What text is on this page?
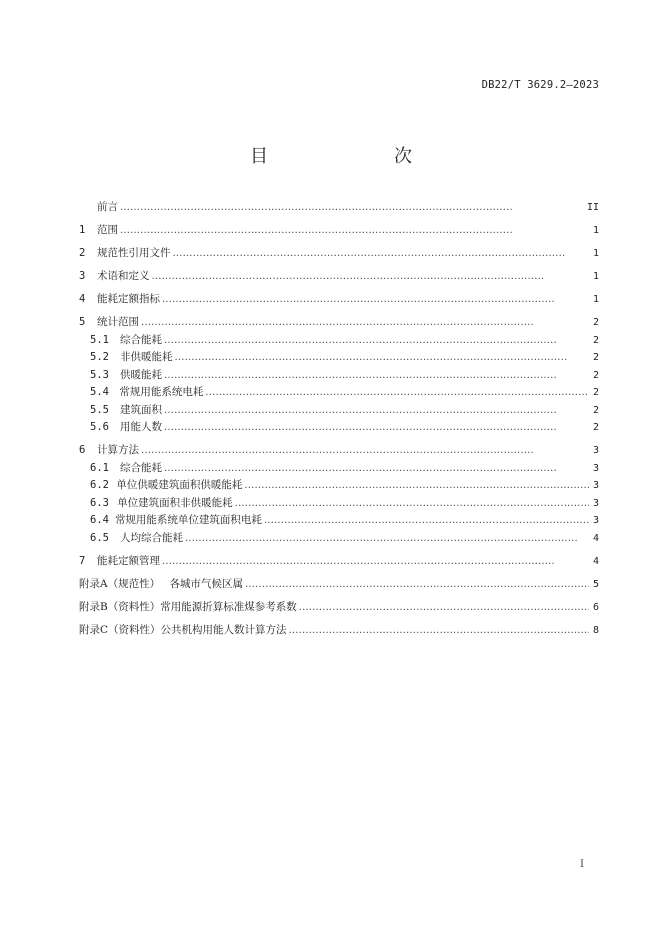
DB22/T 3629.2—2023
目　　次
前言 . . .	II
1	范围 . . .	1
2	规范性引用文件 . . .	1
3	术语和定义 . . .	1
4	能耗定额指标 . . .	1
5	统计范围 . . .	2
5.1	综合能耗 . . .	2
5.2	非供暖能耗 . . .	2
5.3	供暖能耗 . . .	2
5.4 常规用能系统电耗 . . .	2
5.5	建筑面积 . . .	2
5.6	用能人数 . . .	2
6	计算方法 . . .	3
6.1	综合能耗 . . .	3
6.2 单位供暖建筑面积供暖能耗 . . .	3
6.3 单位建筑面积非供暖能耗 . . .	3
6.4 常规用能系统单位建筑面积电耗 . . .	3
6.5	人均综合能耗 . . .	4
7	能耗定额管理 . . .	4
附录A（规范性） 各城市气候区属 . . .	5
附录B（资料性） 常用能源折算标准煤参考系数 . . .	6
附录C（资料性） 公共机构用能人数计算方法 . . .	8
I
